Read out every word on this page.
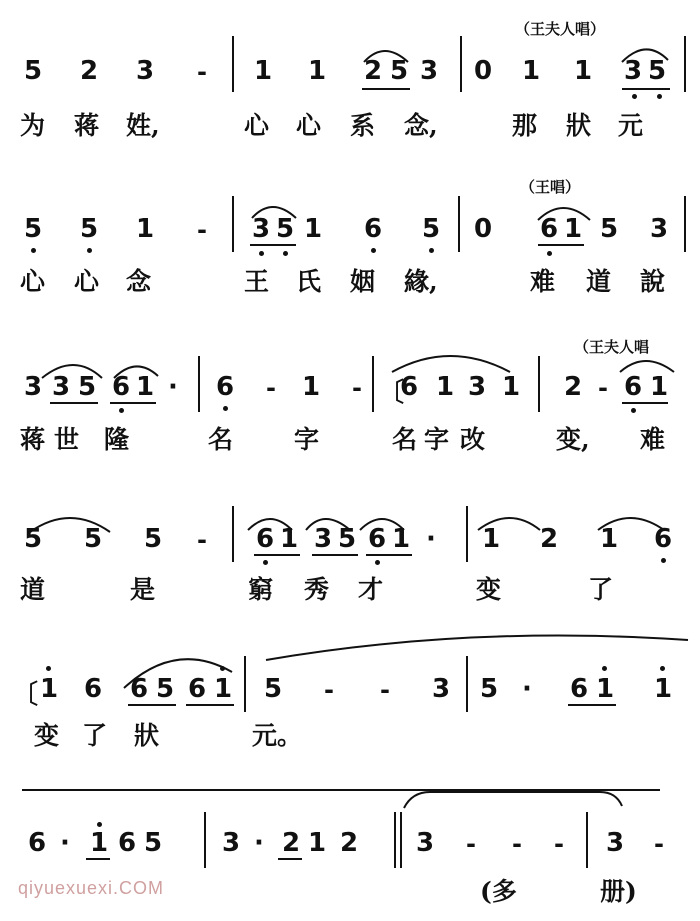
（王夫人唱）
5 2 3 - 1 1 2 5 3 0 1 1 3 5
为 蒋 姓,	心 心 系 念,	那 狀 元
（王唱）
5 5 1 - 3 5 1 6 5 0 6 1 5 3
心 心 念	王 氏 姻 緣,	难 道 說
（王夫人唱
3 3 5 6 1 · 6 - 1 - 〔
6 1 3 1 2 - 6 1
蒋 世 隆	名 字	名 字 改	变, 难
5 5 5 - 6 1 3 5 6 1 · 1 2 1 6
道	是	窮 秀 才	变	了
〔 1 6 6 5 6 1 5 - - 3 5 · 6 1 1
变 了 狀	元。
6 · 1 6 5 3 · 2 1 2 3 - - - 3 -
(多	册)
qiyuexuexi.COM
